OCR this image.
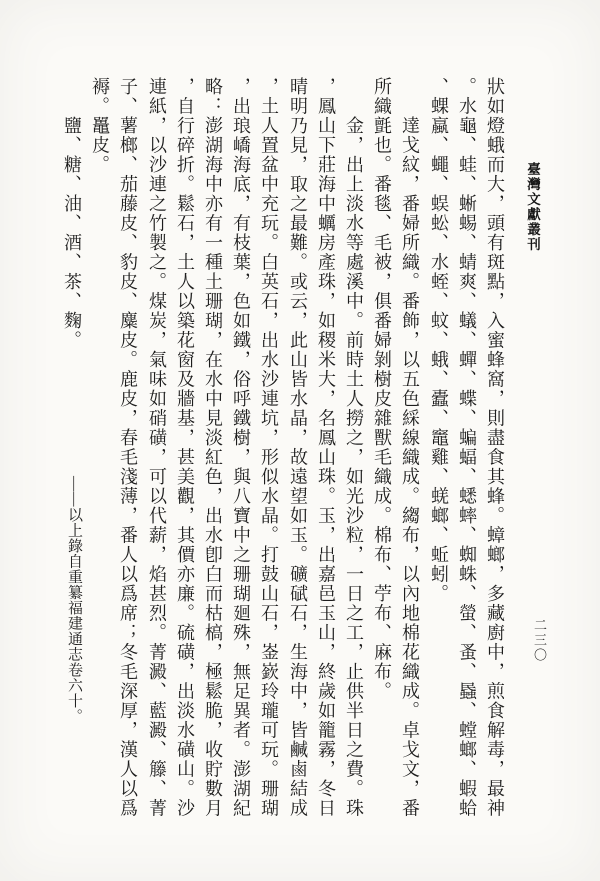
臺灣文獻叢刊
二三〇
狀如燈蛾而大，頭有斑點，入蜜蜂窩，則盡食其蜂。蟑螂，多藏廚中，煎食解毒，最神
。水龜、蛙、蜥蜴、蜻爽、蟻、蟬、蝶、蝙蝠、蟋蟀、蜘蛛、螢、蚤、蟁、螳螂、蝦蛤
、蜾蠃、蠅、蜈蚣、水蛭、蚊、蛾、蠹、竈雞、蜣螂、蚯蚓。
達戈紋，番婦所織。番飾，以五色綵線織成。縐布，以內地棉花織成。卓戈文，番
所織氈也。番毯、毛被，俱番婦剝樹皮雜獸毛織成。棉布、苧布、麻布。
金，出上淡水等處溪中。前時土人撈之，如光沙粒，一日之工，止供半日之費。珠
，鳳山下莊海中蠣房產珠，如稷米大，名鳳山珠。玉，出嘉邑玉山，終歲如籠霧，冬日
晴明乃見，取之最難。或云，此山皆水晶，故遠望如玉。礦碔石，生海中，皆鹹鹵結成
，土人置盆中充玩。白英石，出水沙連坑，形似水晶。打鼓山石，崟嶔玲瓏可玩。珊瑚
，出琅嶠海底，有枝葉，色如鐵，俗呼鐵樹，與八寶中之珊瑚廻殊，無足異者。澎湖紀
略：澎湖海中亦有一種土珊瑚，在水中見淡紅色，出水卽白而枯槁，極鬆脆，收貯數月
，自行碎折。鬆石，土人以築花窗及牆基，甚美觀，其價亦廉。硫磺，出淡水磺山。沙
連紙，以沙連之竹製之。煤炭，氣味如硝磺，可以代薪，焰甚烈。菁澱、藍澱、籐、菁
子、薯榔、茄藤皮、豹皮、麋皮。鹿皮，春毛淺薄，番人以爲席；冬毛深厚，漢人以爲
褥。鼉皮。
鹽、糖、油、酒、茶、麴。
——以上錄自重纂福建通志卷六十。
